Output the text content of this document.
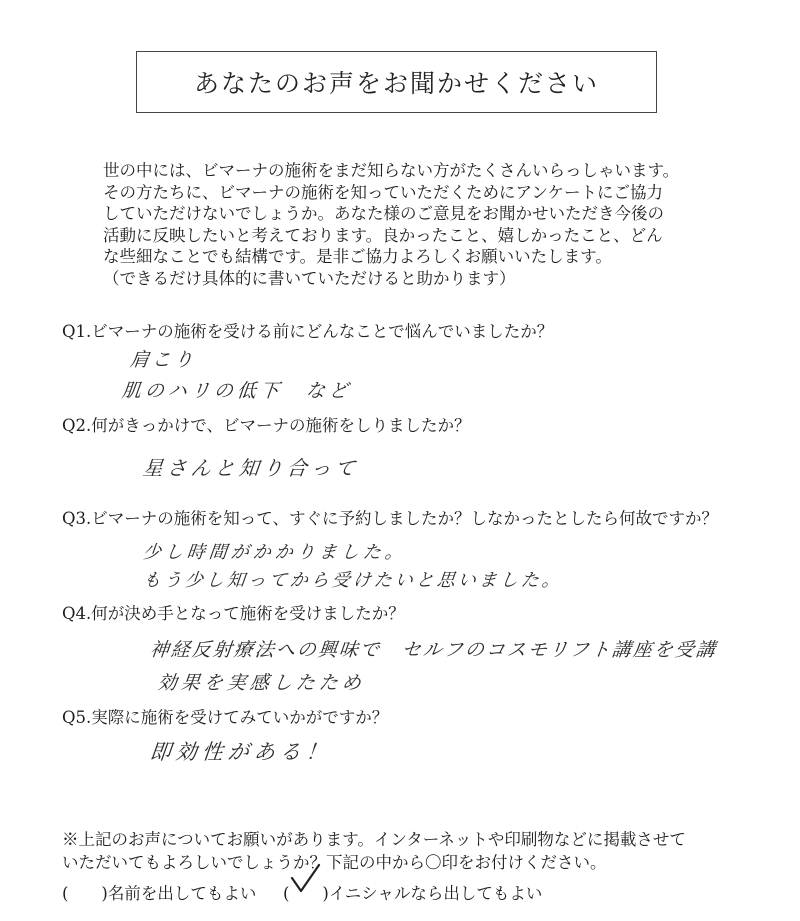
あなたのお声をお聞かせください
世の中には、ビマーナの施術をまだ知らない方がたくさんいらっしゃいます。
その方たちに、ビマーナの施術を知っていただくためにアンケートにご協力
していただけないでしょうか。あなた様のご意見をお聞かせいただき今後の
活動に反映したいと考えております。良かったこと、嬉しかったこと、どん
な些細なことでも結構です。是非ご協力よろしくお願いいたします。
（できるだけ具体的に書いていただけると助かります）
Q1.ビマーナの施術を受ける前にどんなことで悩んでいましたか？
肩こり
肌のハリの低下　など
Q2.何がきっかけで、ビマーナの施術をしりましたか？
星さんと知り合って
Q3.ビマーナの施術を知って、すぐに予約しましたか？しなかったとしたら何故ですか？
少し時間がかかりました。
もう少し知ってから受けたいと思いました。
Q4.何が決め手となって施術を受けましたか？
神経反射療法への興味で　セルフのコスモリフト講座を受講
効果を実感したため
Q5.実際に施術を受けてみていかがですか？
即効性がある！
※上記のお声についてお願いがあります。インターネットや印刷物などに掲載させて
いただいてもよろしいでしょうか？下記の中から〇印をお付けください。
(　　)名前を出してもよい (　　)イニシャルなら出してもよい
